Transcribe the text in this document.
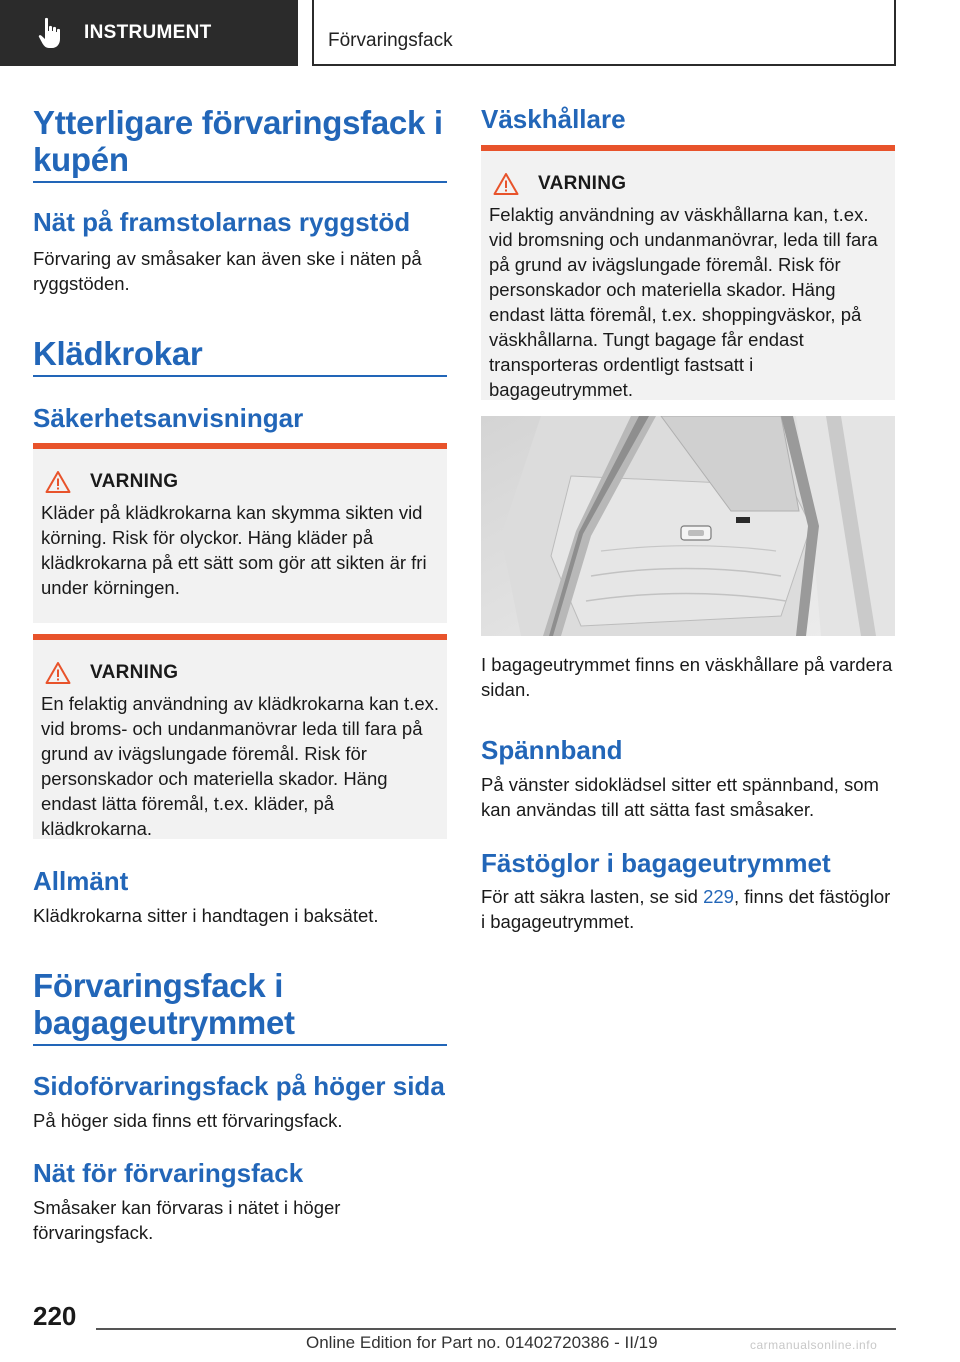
INSTRUMENT	Förvaringsfack
Ytterligare förvaringsfack i kupén
Nät på framstolarnas ryggstöd
Förvaring av småsaker kan även ske i näten på ryggstöden.
Klädkrokar
Säkerhetsanvisningar
VARNING
Kläder på klädkrokarna kan skymma sikten vid körning. Risk för olyckor. Häng kläder på klädkrokarna på ett sätt som gör att sikten är fri under körningen.
VARNING
En felaktig användning av klädkrokarna kan t.ex. vid broms- och undanmanövrar leda till fara på grund av ivägslungade föremål. Risk för personskador och materiella skador. Häng endast lätta föremål, t.ex. kläder, på klädkrokarna.
Allmänt
Klädkrokarna sitter i handtagen i baksätet.
Förvaringsfack i bagageutrymmet
Sidoförvaringsfack på höger sida
På höger sida finns ett förvaringsfack.
Nät för förvaringsfack
Småsaker kan förvaras i nätet i höger förvaringsfack.
Väskhållare
VARNING
Felaktig användning av väskhållarna kan, t.ex. vid bromsning och undanmanövrar, leda till fara på grund av ivägslungade föremål. Risk för personskador och materiella skador. Häng endast lätta föremål, t.ex. shoppingväskor, på väskhållarna. Tungt bagage får endast transporteras ordentligt fastsatt i bagageutrymmet.
I bagageutrymmet finns en väskhållare på vardera sidan.
Spännband
På vänster sidoklädsel sitter ett spännband, som kan användas till att sätta fast småsaker.
Fästöglor i bagageutrymmet
För att säkra lasten, se sid 229, finns det fästöglor i bagageutrymmet.
220
Online Edition for Part no. 01402720386 - II/19	carmanualsonline.info
